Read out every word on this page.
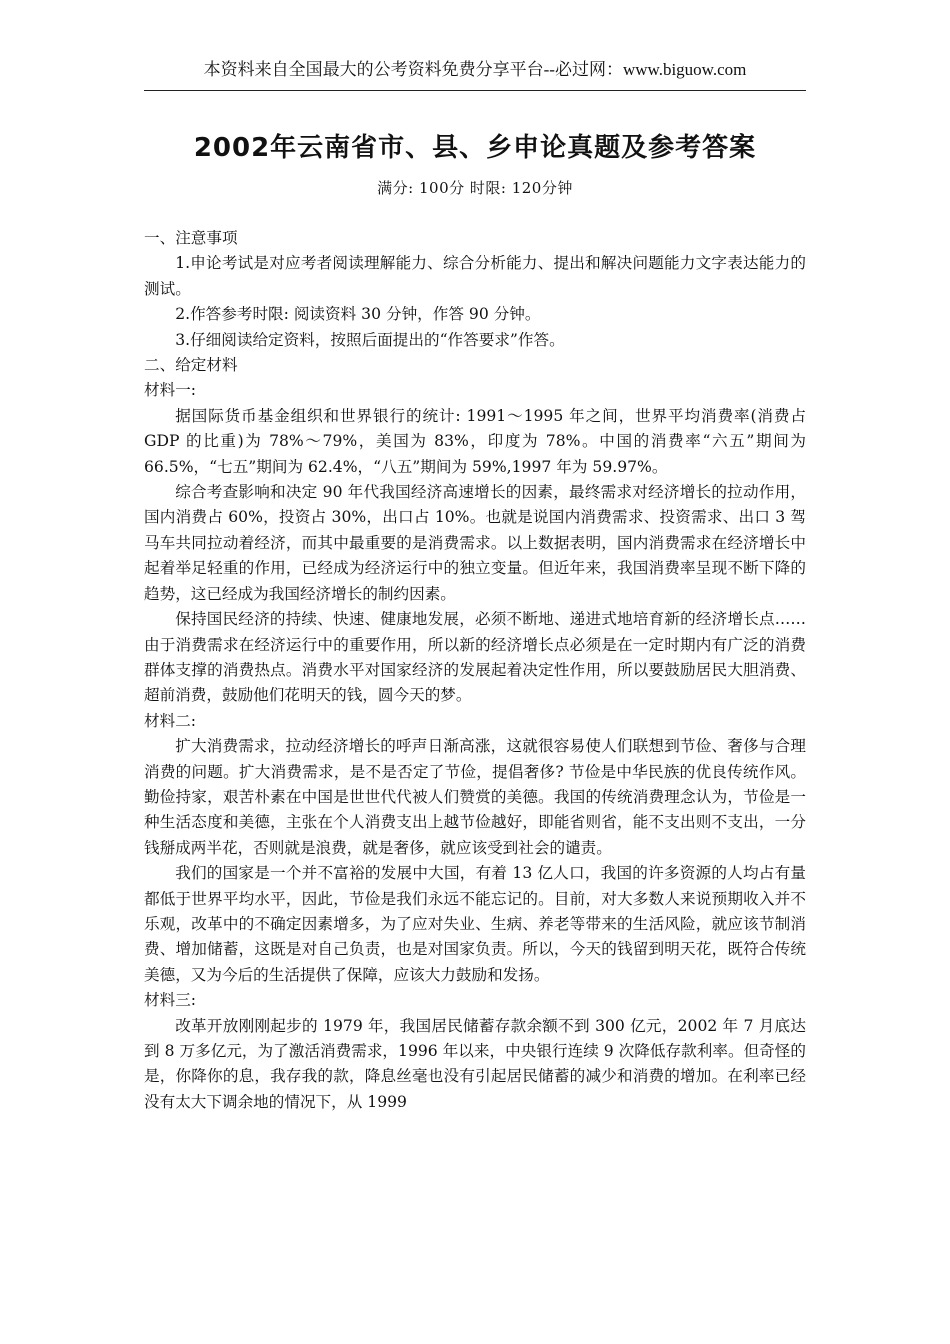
本资料来自全国最大的公考资料免费分享平台--必过网：www.biguow.com
2002年云南省市、县、乡申论真题及参考答案
满分: 100分 时限: 120分钟

一、注意事项

1.申论考试是对应考者阅读理解能力、综合分析能力、提出和解决问题能力文字表达能力的测试。

2.作答参考时限: 阅读资料 30 分钟，作答 90 分钟。

3.仔细阅读给定资料，按照后面提出的“作答要求”作答。

二、给定材料

材料一:

据国际货币基金组织和世界银行的统计: 1991～1995 年之间，世界平均消费率(消费占 GDP 的比重)为 78%～79%，美国为 83%，印度为 78%。中国的消费率“六五”期间为 66.5%，“七五”期间为 62.4%，“八五”期间为 59%,1997 年为 59.97%。

综合考查影响和决定 90 年代我国经济高速增长的因素，最终需求对经济增长的拉动作用，国内消费占 60%，投资占 30%，出口占 10%。也就是说国内消费需求、投资需求、出口 3 驾马车共同拉动着经济，而其中最重要的是消费需求。以上数据表明，国内消费需求在经济增长中起着举足轻重的作用，已经成为经济运行中的独立变量。但近年来，我国消费率呈现不断下降的趋势，这已经成为我国经济增长的制约因素。

保持国民经济的持续、快速、健康地发展，必须不断地、递进式地培育新的经济增长点……由于消费需求在经济运行中的重要作用，所以新的经济增长点必须是在一定时期内有广泛的消费群体支撑的消费热点。消费水平对国家经济的发展起着决定性作用，所以要鼓励居民大胆消费、超前消费，鼓励他们花明天的钱，圆今天的梦。

材料二:

扩大消费需求，拉动经济增长的呼声日渐高涨，这就很容易使人们联想到节俭、奢侈与合理消费的问题。扩大消费需求，是不是否定了节俭，提倡奢侈? 节俭是中华民族的优良传统作风。勤俭持家，艰苦朴素在中国是世世代代被人们赞赏的美德。我国的传统消费理念认为，节俭是一种生活态度和美德，主张在个人消费支出上越节俭越好，即能省则省，能不支出则不支出，一分钱掰成两半花，否则就是浪费，就是奢侈，就应该受到社会的谴责。

我们的国家是一个并不富裕的发展中大国，有着 13 亿人口，我国的许多资源的人均占有量都低于世界平均水平，因此，节俭是我们永远不能忘记的。目前，对大多数人来说预期收入并不乐观，改革中的不确定因素增多，为了应对失业、生病、养老等带来的生活风险，就应该节制消费、增加储蓄，这既是对自己负责，也是对国家负责。所以，今天的钱留到明天花，既符合传统美德，又为今后的生活提供了保障，应该大力鼓励和发扬。

材料三:

改革开放刚刚起步的 1979 年，我国居民储蓄存款余额不到 300 亿元，2002 年 7 月底达到 8 万多亿元，为了激活消费需求，1996 年以来，中央银行连续 9 次降低存款利率。但奇怪的是，你降你的息，我存我的款，降息丝毫也没有引起居民储蓄的减少和消费的增加。在利率已经没有太大下调余地的情况下，从 1999
